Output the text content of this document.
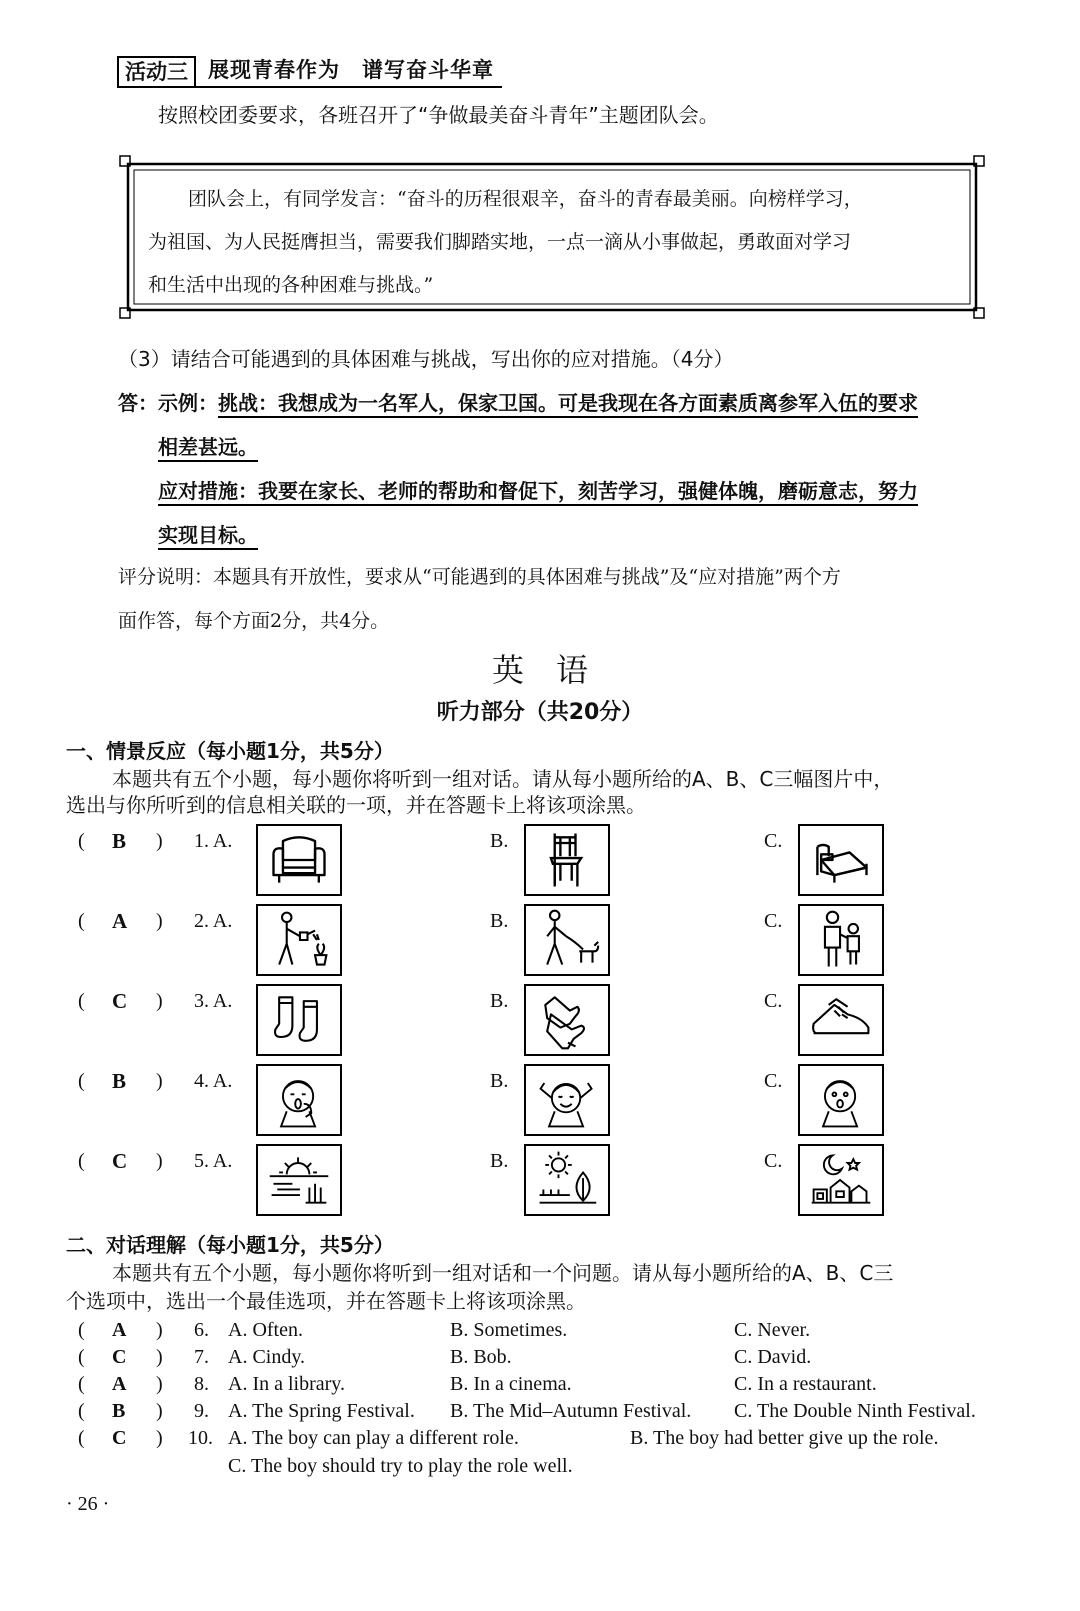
活动三 展现青春作为　谱写奋斗华章
按照校团委要求，各班召开了“争做最美奋斗青年”主题团队会。
团队会上，有同学发言：“奋斗的历程很艰辛，奋斗的青春最美丽。向榜样学习，
为祖国、为人民挺膺担当，需要我们脚踏实地，一点一滴从小事做起，勇敢面对学习
和生活中出现的各种困难与挑战。”
（3）请结合可能遇到的具体困难与挑战，写出你的应对措施。（4分）
答：示例：挑战：我想成为一名军人，保家卫国。可是我现在各方面素质离参军入伍的要求
相差甚远。
应对措施：我要在家长、老师的帮助和督促下，刻苦学习，强健体魄，磨砺意志，努力
实现目标。
评分说明：本题具有开放性，要求从“可能遇到的具体困难与挑战”及“应对措施”两个方
面作答，每个方面2分，共4分。
英　语
听力部分（共20分）
一、情景反应（每小题1分，共5分）
本题共有五个小题，每小题你将听到一组对话。请从每小题所给的A、B、C三幅图片中，
选出与你所听到的信息相关联的一项，并在答题卡上将该项涂黑。
( B ) 1. A.	B.	C.
( A ) 2. A.	B.	C.
( C ) 3. A.	B.	C.
( B ) 4. A.	B.	C.
( C ) 5. A.	B.	C.
二、对话理解（每小题1分，共5分）
本题共有五个小题，每小题你将听到一组对话和一个问题。请从每小题所给的A、B、C三
个选项中，选出一个最佳选项，并在答题卡上将该项涂黑。
( A ) 6. A. Often.	B. Sometimes.	C. Never.
( C ) 7. A. Cindy.	B. Bob.	C. David.
( A ) 8. A. In a library.	B. In a cinema.	C. In a restaurant.
( B ) 9. A. The Spring Festival. B. The Mid–Autumn Festival. C. The Double Ninth Festival.
( C ) 10. A. The boy can play a different role.	B. The boy had better give up the role.
C. The boy should try to play the role well.
· 26 ·
